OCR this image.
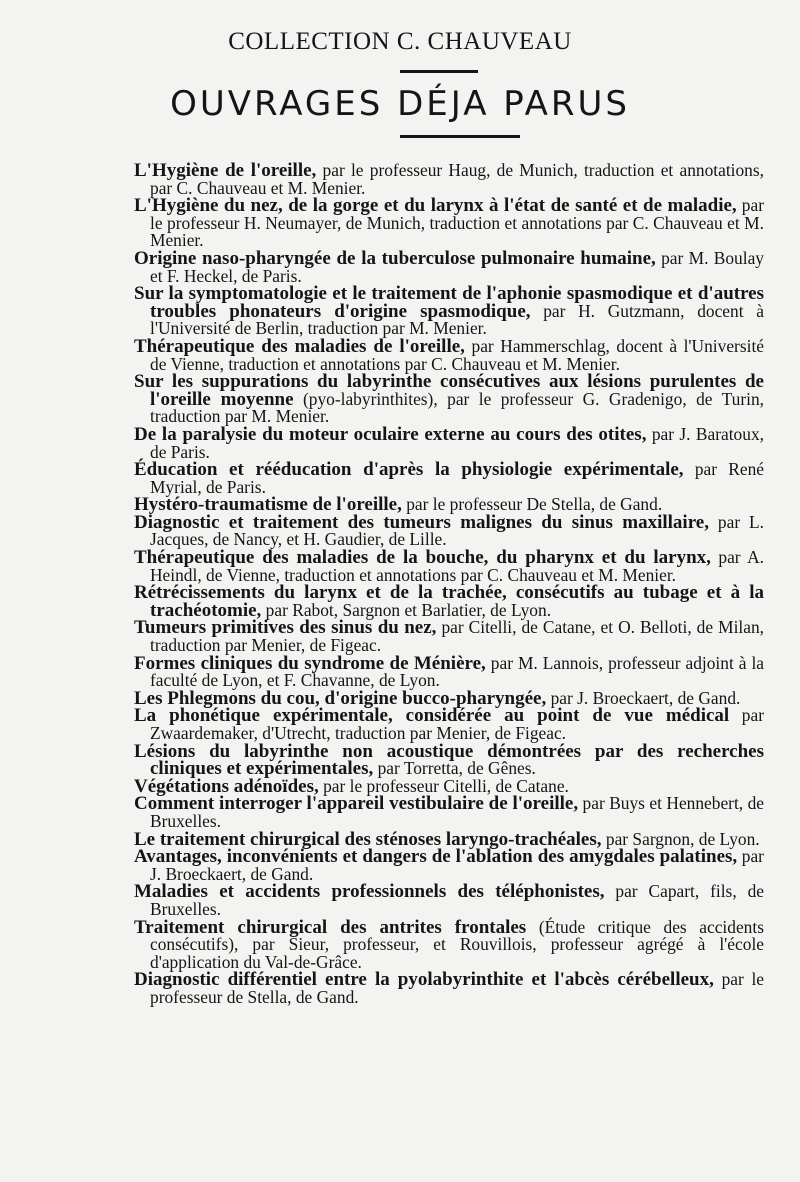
COLLECTION C. CHAUVEAU
OUVRAGES DÉJA PARUS
L'Hygiène de l'oreille, par le professeur Haug, de Munich, traduction et annotations, par C. Chauveau et M. Menier.
L'Hygiène du nez, de la gorge et du larynx à l'état de santé et de maladie, par le professeur H. Neumayer, de Munich, traduction et annotations par C. Chauveau et M. Menier.
Origine naso-pharyngée de la tuberculose pulmonaire humaine, par M. Boulay et F. Heckel, de Paris.
Sur la symptomatologie et le traitement de l'aphonie spasmodique et d'autres troubles phonateurs d'origine spasmodique, par H. Gutzmann, docent à l'Université de Berlin, traduction par M. Menier.
Thérapeutique des maladies de l'oreille, par Hammerschlag, docent à l'Université de Vienne, traduction et annotations par C. Chauveau et M. Menier.
Sur les suppurations du labyrinthe consécutives aux lésions purulentes de l'oreille moyenne (pyo-labyrinthites), par le professeur G. Gradenigo, de Turin, traduction par M. Menier.
De la paralysie du moteur oculaire externe au cours des otites, par J. Baratoux, de Paris.
Éducation et rééducation d'après la physiologie expérimentale, par René Myrial, de Paris.
Hystéro-traumatisme de l'oreille, par le professeur De Stella, de Gand.
Diagnostic et traitement des tumeurs malignes du sinus maxillaire, par L. Jacques, de Nancy, et H. Gaudier, de Lille.
Thérapeutique des maladies de la bouche, du pharynx et du larynx, par A. Heindl, de Vienne, traduction et annotations par C. Chauveau et M. Menier.
Rétrécissements du larynx et de la trachée, consécutifs au tubage et à la trachéotomie, par Rabot, Sargnon et Barlatier, de Lyon.
Tumeurs primitives des sinus du nez, par Citelli, de Catane, et O. Belloti, de Milan, traduction par Menier, de Figeac.
Formes cliniques du syndrome de Ménière, par M. Lannois, professeur adjoint à la faculté de Lyon, et F. Chavanne, de Lyon.
Les Phlegmons du cou, d'origine bucco-pharyngée, par J. Broeckaert, de Gand.
La phonétique expérimentale, considérée au point de vue médical par Zwaardemaker, d'Utrecht, traduction par Menier, de Figeac.
Lésions du labyrinthe non acoustique démontrées par des recherches cliniques et expérimentales, par Torretta, de Gênes.
Végétations adénoïdes, par le professeur Citelli, de Catane.
Comment interroger l'appareil vestibulaire de l'oreille, par Buys et Hennebert, de Bruxelles.
Le traitement chirurgical des sténoses laryngo-trachéales, par Sargnon, de Lyon.
Avantages, inconvénients et dangers de l'ablation des amygdales palatines, par J. Broeckaert, de Gand.
Maladies et accidents professionnels des téléphonistes, par Capart, fils, de Bruxelles.
Traitement chirurgical des antrites frontales (Étude critique des accidents consécutifs), par Sieur, professeur, et Rouvillois, professeur agrégé à l'école d'application du Val-de-Grâce.
Diagnostic différentiel entre la pyolabyrinthite et l'abcès cérébelleux, par le professeur de Stella, de Gand.
